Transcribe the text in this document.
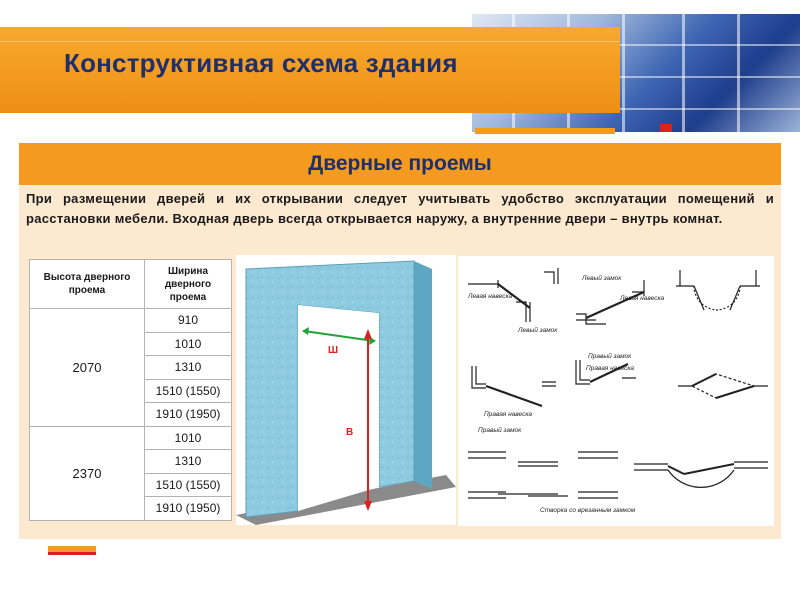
Конструктивная схема здания
Дверные проемы

При размещении дверей и их открывании следует учитывать удобство эксплуатации помещений и расстановки мебели. Входная дверь всегда открывается наружу, а внутренние двери – внутрь комнат.

Высота дверного проема	Ширина дверного проема
2070	910
	1010
	1310
	1510 (1550)
	1910 (1950)
2370	1010
	1310
	1510 (1550)
	1910 (1950)
Ш
В
Левая навеска
Левый замок
Левый замок
Левая навеска
Правая навеска
Правый замок
Правый замок
Правая навеска
Створка со врезанным замком
